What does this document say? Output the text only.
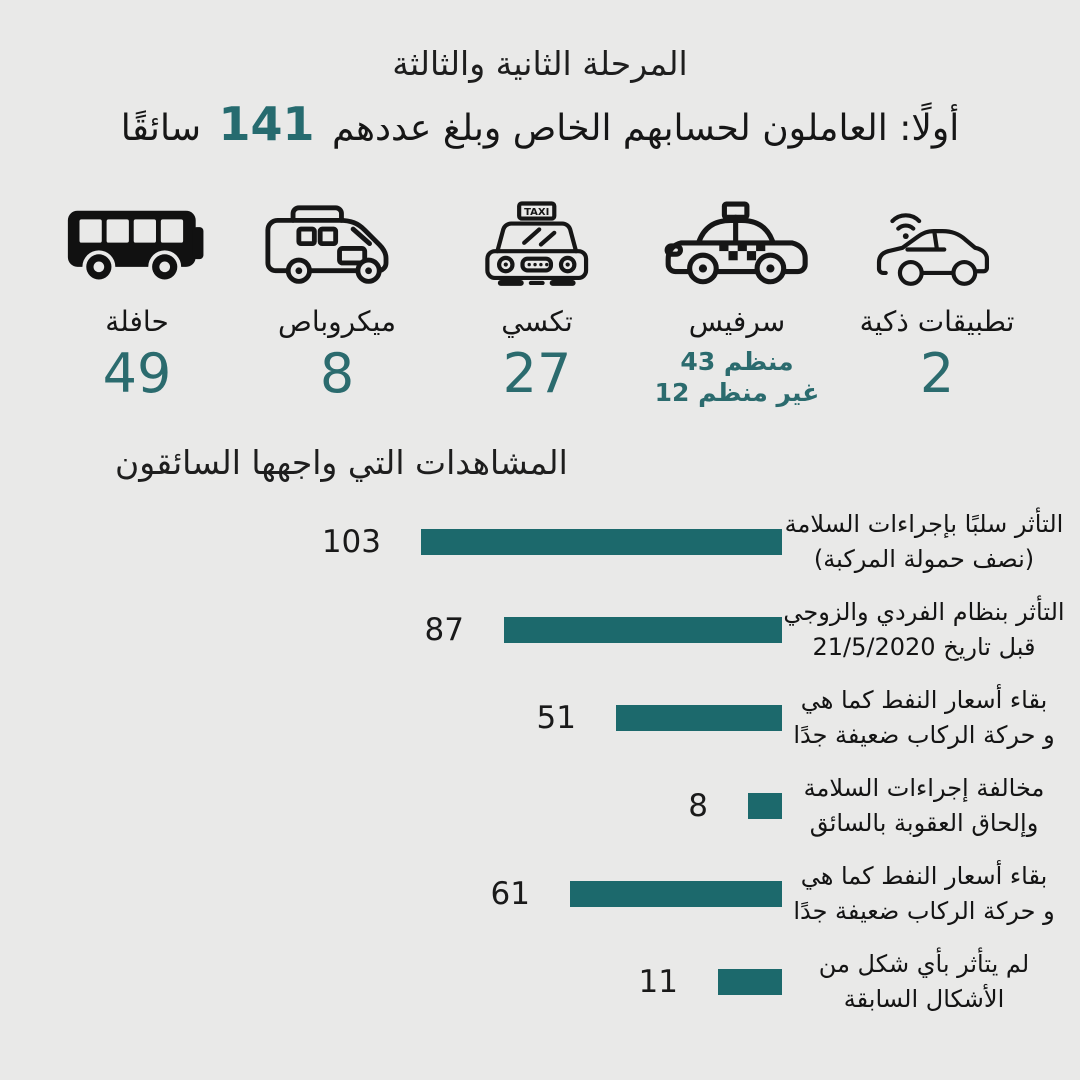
المرحلة الثانية والثالثة
أولًا: العاملون لحسابهم الخاص وبلغ عددهم 141 سائقًا
تطبيقات ذكية
2
سرفيس
منظم 43
غير منظم 12
TAXI
تكسي
27
ميكروباص
8
حافلة
49
المشاهدات التي واجهها السائقون
التأثر سلبًا بإجراءات السلامة
(نصف حمولة المركبة)
103
التأثر بنظام الفردي والزوجي
قبل تاريخ 21/5/2020
87
بقاء أسعار النفط كما هي
و حركة الركاب ضعيفة جدًا
51
مخالفة إجراءات السلامة
وإلحاق العقوبة بالسائق
8
بقاء أسعار النفط كما هي
و حركة الركاب ضعيفة جدًا
61
لم يتأثر بأي شكل من
الأشكال السابقة
11
